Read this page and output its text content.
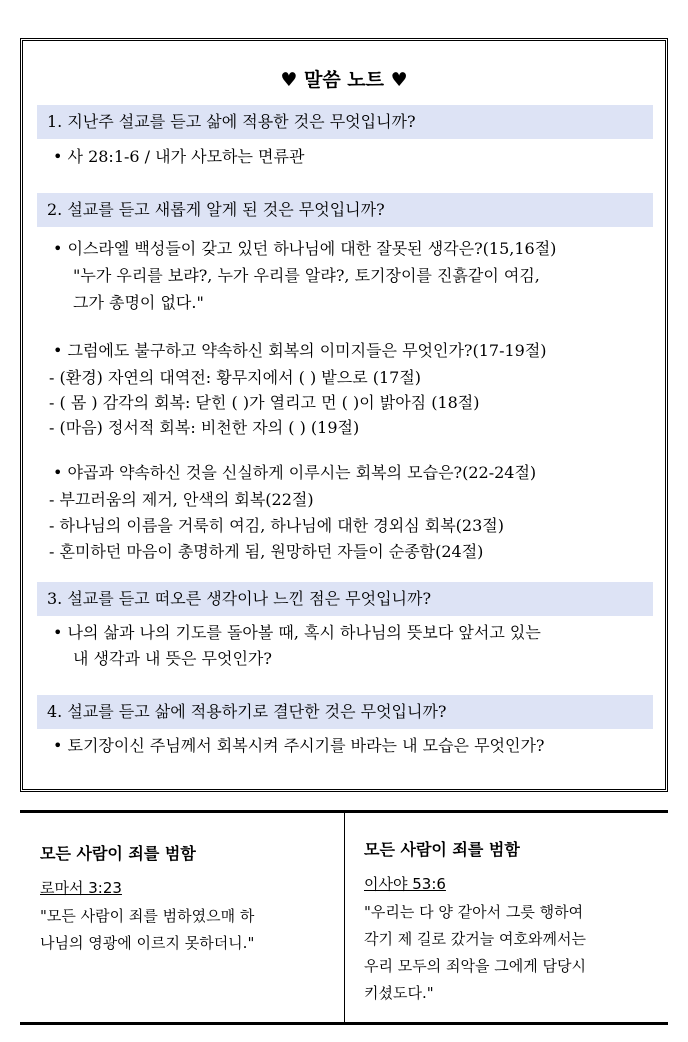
♥ 말씀 노트 ♥
1. 지난주 설교를 듣고 삶에 적용한 것은 무엇입니까?
• 사 28:1-6 / 내가 사모하는 면류관
2. 설교를 듣고 새롭게 알게 된 것은 무엇입니까?
• 이스라엘 백성들이 갖고 있던 하나님에 대한 잘못된 생각은?(15,16절)
"누가 우리를 보랴?, 누가 우리를 알랴?, 토기장이를 진흙같이 여김,
그가 총명이 없다."
• 그럼에도 불구하고 약속하신 회복의 이미지들은 무엇인가?(17-19절)
- (환경) 자연의 대역전: 황무지에서 ( ) 밭으로 (17절)
- ( 몸 ) 감각의 회복: 닫힌 ( )가 열리고 먼 ( )이 밝아짐 (18절)
- (마음) 정서적 회복: 비천한 자의 ( ) (19절)
• 야곱과 약속하신 것을 신실하게 이루시는 회복의 모습은?(22-24절)
- 부끄러움의 제거, 안색의 회복(22절)
- 하나님의 이름을 거룩히 여김, 하나님에 대한 경외심 회복(23절)
- 혼미하던 마음이 총명하게 됨, 원망하던 자들이 순종함(24절)
3. 설교를 듣고 떠오른 생각이나 느낀 점은 무엇입니까?
• 나의 삶과 나의 기도를 돌아볼 때, 혹시 하나님의 뜻보다 앞서고 있는
내 생각과 내 뜻은 무엇인가?
4. 설교를 듣고 삶에 적용하기로 결단한 것은 무엇입니까?
• 토기장이신 주님께서 회복시켜 주시기를 바라는 내 모습은 무엇인가?
모든 사람이 죄를 범함
로마서 3:23
"모든 사람이 죄를 범하였으매 하
나님의 영광에 이르지 못하더니."
모든 사람이 죄를 범함
이사야 53:6
"우리는 다 양 같아서 그릇 행하여
각기 제 길로 갔거늘 여호와께서는
우리 모두의 죄악을 그에게 담당시
키셨도다."
